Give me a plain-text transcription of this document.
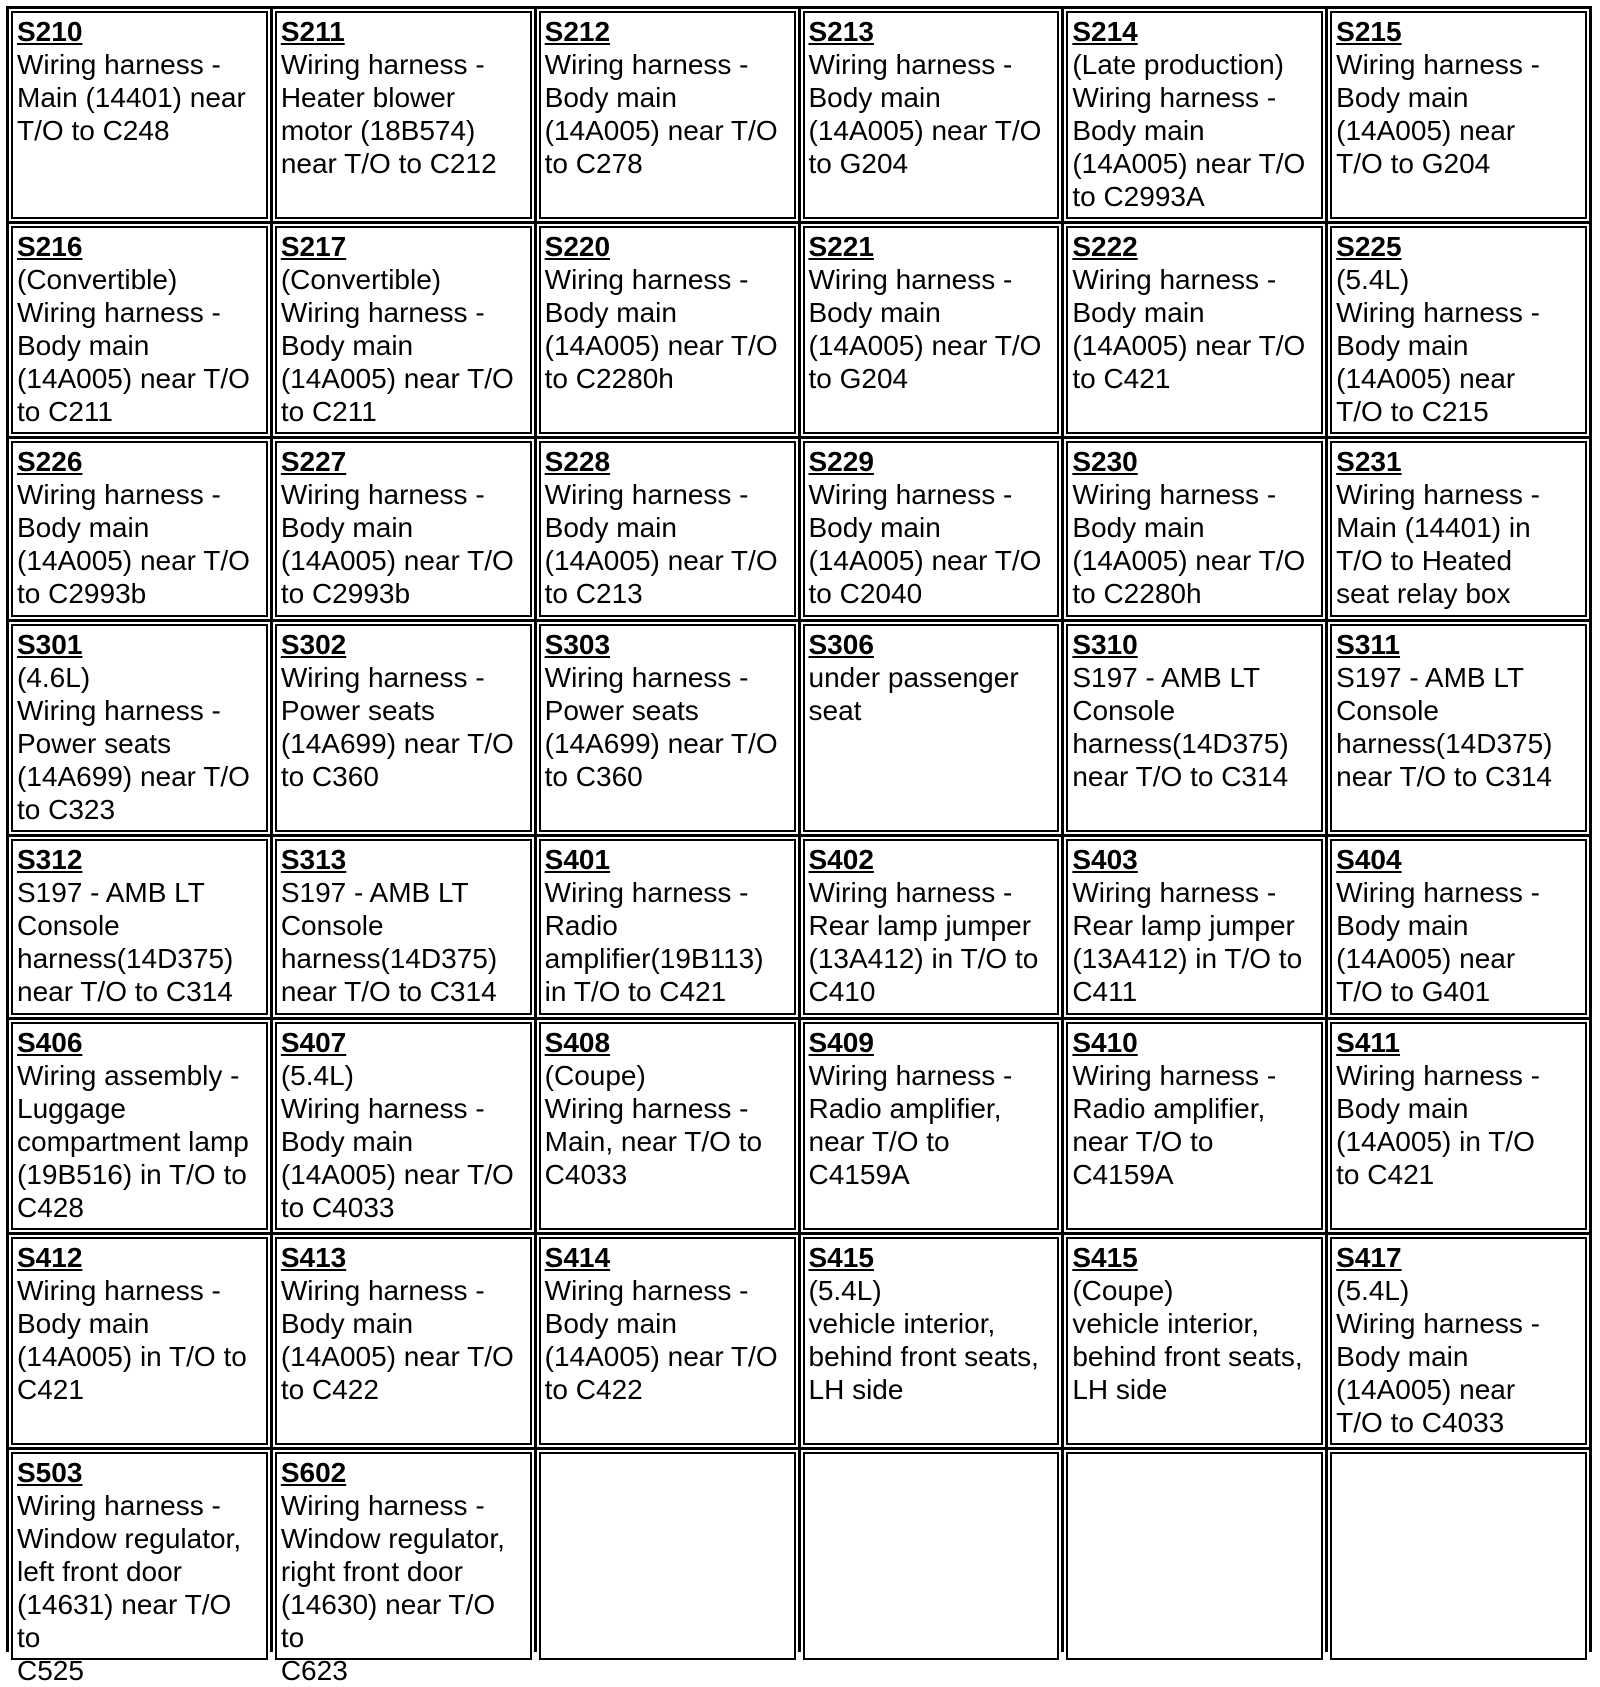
S210
Wiring harness -
Main (14401) near
T/O to C248
S211
Wiring harness -
Heater blower
motor (18B574)
near T/O to C212
S212
Wiring harness -
Body main
(14A005) near T/O
to C278
S213
Wiring harness -
Body main
(14A005) near T/O
to G204
S214
(Late production)
Wiring harness -
Body main
(14A005) near T/O
to C2993A
S215
Wiring harness -
Body main
(14A005) near
T/O to G204
S216
(Convertible)
Wiring harness -
Body main
(14A005) near T/O
to C211
S217
(Convertible)
Wiring harness -
Body main
(14A005) near T/O
to C211
S220
Wiring harness -
Body main
(14A005) near T/O
to C2280h
S221
Wiring harness -
Body main
(14A005) near T/O
to G204
S222
Wiring harness -
Body main
(14A005) near T/O
to C421
S225
(5.4L)
Wiring harness -
Body main
(14A005) near
T/O to C215
S226
Wiring harness -
Body main
(14A005) near T/O
to C2993b
S227
Wiring harness -
Body main
(14A005) near T/O
to C2993b
S228
Wiring harness -
Body main
(14A005) near T/O
to C213
S229
Wiring harness -
Body main
(14A005) near T/O
to C2040
S230
Wiring harness -
Body main
(14A005) near T/O
to C2280h
S231
Wiring harness -
Main (14401) in
T/O to Heated
seat relay box
S301
(4.6L)
Wiring harness -
Power seats
(14A699) near T/O
to C323
S302
Wiring harness -
Power seats
(14A699) near T/O
to C360
S303
Wiring harness -
Power seats
(14A699) near T/O
to C360
S306
under passenger
seat
S310
S197 - AMB LT
Console
harness(14D375)
near T/O to C314
S311
S197 - AMB LT
Console
harness(14D375)
near T/O to C314
S312
S197 - AMB LT
Console
harness(14D375)
near T/O to C314
S313
S197 - AMB LT
Console
harness(14D375)
near T/O to C314
S401
Wiring harness -
Radio
amplifier(19B113)
in T/O to C421
S402
Wiring harness -
Rear lamp jumper
(13A412) in T/O to
C410
S403
Wiring harness -
Rear lamp jumper
(13A412) in T/O to
C411
S404
Wiring harness -
Body main
(14A005) near
T/O to G401
S406
Wiring assembly -
Luggage
compartment lamp
(19B516) in T/O to
C428
S407
(5.4L)
Wiring harness -
Body main
(14A005) near T/O
to C4033
S408
(Coupe)
Wiring harness -
Main, near T/O to
C4033
S409
Wiring harness -
Radio amplifier,
near T/O to
C4159A
S410
Wiring harness -
Radio amplifier,
near T/O to
C4159A
S411
Wiring harness -
Body main
(14A005) in T/O
to C421
S412
Wiring harness -
Body main
(14A005) in T/O to
C421
S413
Wiring harness -
Body main
(14A005) near T/O
to C422
S414
Wiring harness -
Body main
(14A005) near T/O
to C422
S415
(5.4L)
vehicle interior,
behind front seats,
LH side
S415
(Coupe)
vehicle interior,
behind front seats,
LH side
S417
(5.4L)
Wiring harness -
Body main
(14A005) near
T/O to C4033
S503
Wiring harness -
Window regulator,
left front door
(14631) near T/O to
C525
S602
Wiring harness -
Window regulator,
right front door
(14630) near T/O to
C623
